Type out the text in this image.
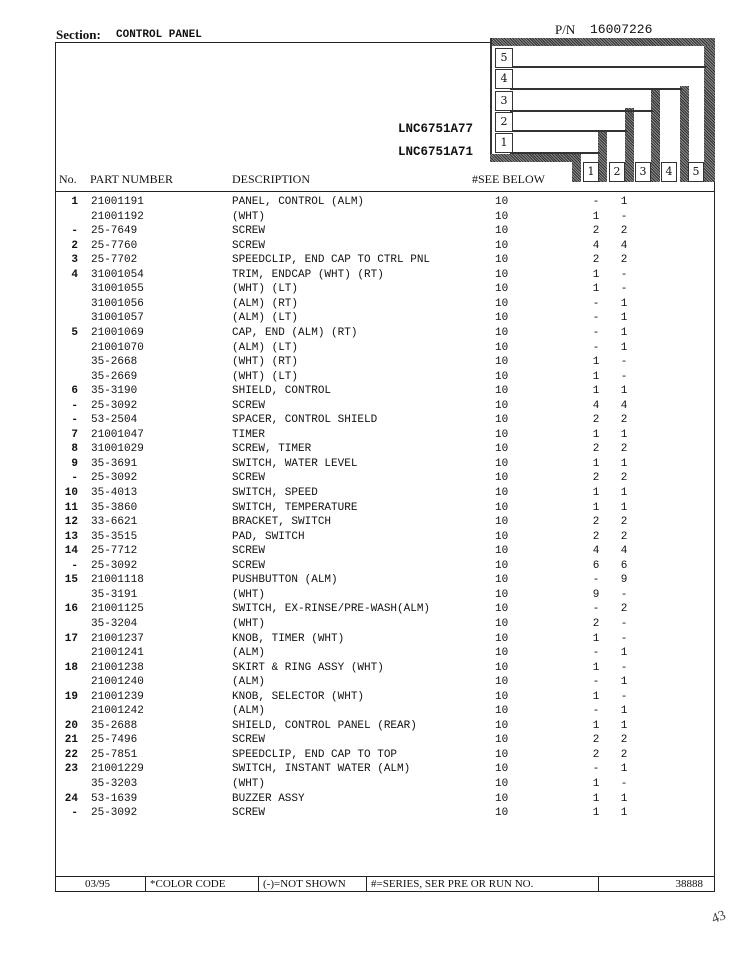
Section: CONTROL PANEL	P/N 16007226
5
4
3
2
1
1	2	3	4	5
LNC6751A77
LNC6751A71
No. PART NUMBER	DESCRIPTION	#SEE BELOW
1 21001191	PANEL, CONTROL (ALM)	10	- 1
21001192	(WHT)	10	1 -
- 25-7649	SCREW	10	2 2
2 25-7760	SCREW	10	4 4
3 25-7702	SPEEDCLIP, END CAP TO CTRL PNL	10	2 2
4 31001054	TRIM, ENDCAP (WHT) (RT)	10	1 -
31001055	(WHT) (LT)	10	1 -
31001056	(ALM) (RT)	10	- 1
31001057	(ALM) (LT)	10	- 1
5 21001069	CAP, END (ALM) (RT)	10	- 1
21001070	(ALM) (LT)	10	- 1
35-2668	(WHT) (RT)	10	1 -
35-2669	(WHT) (LT)	10	1 -
6 35-3190	SHIELD, CONTROL	10	1 1
- 25-3092	SCREW	10	4 4
- 53-2504	SPACER, CONTROL SHIELD	10	2 2
7 21001047	TIMER	10	1 1
8 31001029	SCREW, TIMER	10	2 2
9 35-3691	SWITCH, WATER LEVEL	10	1 1
- 25-3092	SCREW	10	2 2
10 35-4013	SWITCH, SPEED	10	1 1
11 35-3860	SWITCH, TEMPERATURE	10	1 1
12 33-6621	BRACKET, SWITCH	10	2 2
13 35-3515	PAD, SWITCH	10	2 2
14 25-7712	SCREW	10	4 4
- 25-3092	SCREW	10	6 6
15 21001118	PUSHBUTTON (ALM)	10	- 9
35-3191	(WHT)	10	9 -
16 21001125	SWITCH, EX-RINSE/PRE-WASH(ALM)	10	- 2
35-3204	(WHT)	10	2 -
17 21001237	KNOB, TIMER (WHT)	10	1 -
21001241	(ALM)	10	- 1
18 21001238	SKIRT & RING ASSY (WHT)	10	1 -
21001240	(ALM)	10	- 1
19 21001239	KNOB, SELECTOR (WHT)	10	1 -
21001242	(ALM)	10	- 1
20 35-2688	SHIELD, CONTROL PANEL (REAR)	10	1 1
21 25-7496	SCREW	10	2 2
22 25-7851	SPEEDCLIP, END CAP TO TOP	10	2 2
23 21001229	SWITCH, INSTANT WATER (ALM)	10	- 1
35-3203	(WHT)	10	1 -
24 53-1639	BUZZER ASSY	10	1 1
- 25-3092	SCREW	10	1 1
03/95	*COLOR CODE	(-)=NOT SHOWN	#=SERIES, SER PRE OR RUN NO.	38888
43
